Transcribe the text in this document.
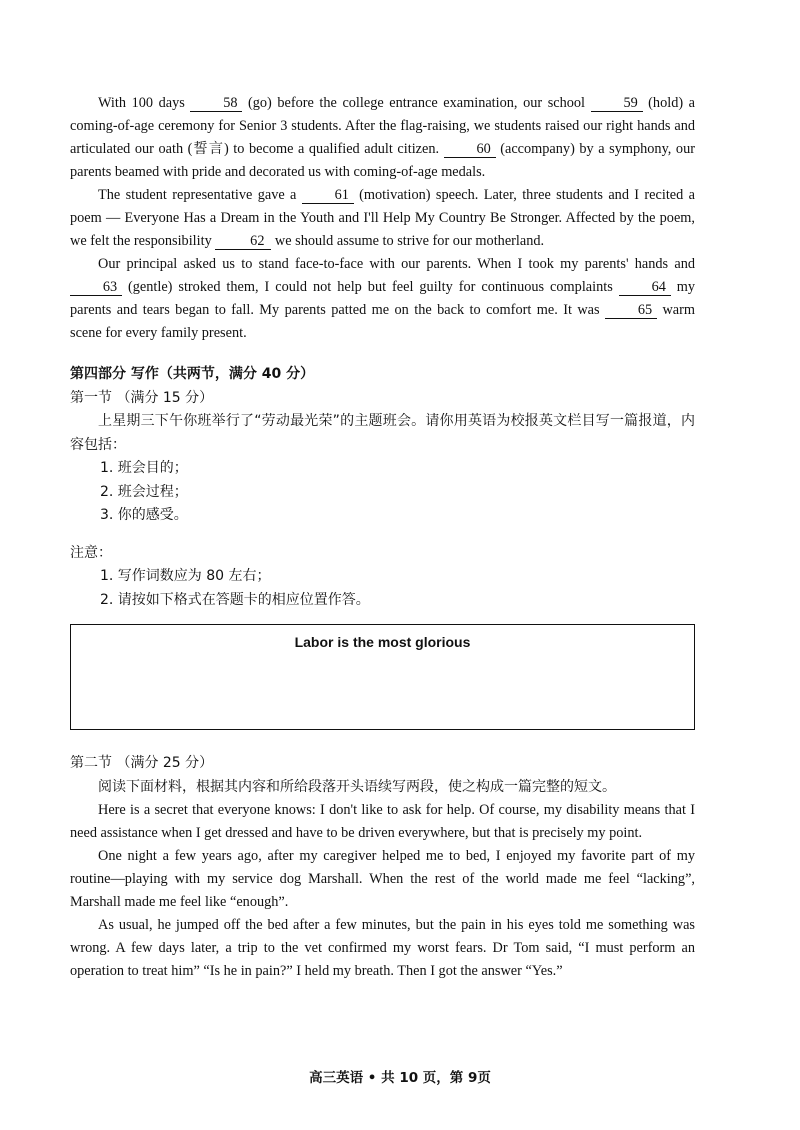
With 100 days	58 (go) before the college entrance examination, our school	59 (hold) a coming-of-age ceremony for Senior 3 students. After the flag-raising, we students raised our right hands and articulated our oath (誓言) to become a qualified adult citizen.	60 (accompany) by a symphony, our parents beamed with pride and decorated us with coming-of-age medals.

The student representative gave a	61 (motivation) speech. Later, three students and I recited a poem — Everyone Has a Dream in the Youth and I'll Help My Country Be Stronger. Affected by the poem, we felt the responsibility	62 we should assume to strive for our motherland.

Our principal asked us to stand face-to-face with our parents. When I took my parents' hands and 63 (gentle) stroked them, I could not help but feel guilty for continuous complaints	64 my parents and tears began to fall. My parents patted me on the back to comfort me. It was	65 warm scene for every family present.

第四部分 写作（共两节，满分 40 分）

第一节 （满分 15 分）

上星期三下午你班举行了“劳动最光荣”的主题班会。请你用英语为校报英文栏目写一篇报道，内容包括：

1. 班会目的；

2. 班会过程；

3. 你的感受。

注意：

1. 写作词数应为 80 左右；

2. 请按如下格式在答题卡的相应位置作答。

Labor is the most glorious

第二节 （满分 25 分）

阅读下面材料，根据其内容和所给段落开头语续写两段，使之构成一篇完整的短文。

Here is a secret that everyone knows: I don't like to ask for help. Of course, my disability means that I need assistance when I get dressed and have to be driven everywhere, but that is precisely my point.

One night a few years ago, after my caregiver helped me to bed, I enjoyed my favorite part of my routine—playing with my service dog Marshall. When the rest of the world made me feel “lacking”, Marshall made me feel like “enough”.

As usual, he jumped off the bed after a few minutes, but the pain in his eyes told me something was wrong. A few days later, a trip to the vet confirmed my worst fears. Dr Tom said, “I must perform an operation to treat him” “Is he in pain?” I held my breath. Then I got the answer “Yes.”

高三英语 • 共 10 页，第 9页
